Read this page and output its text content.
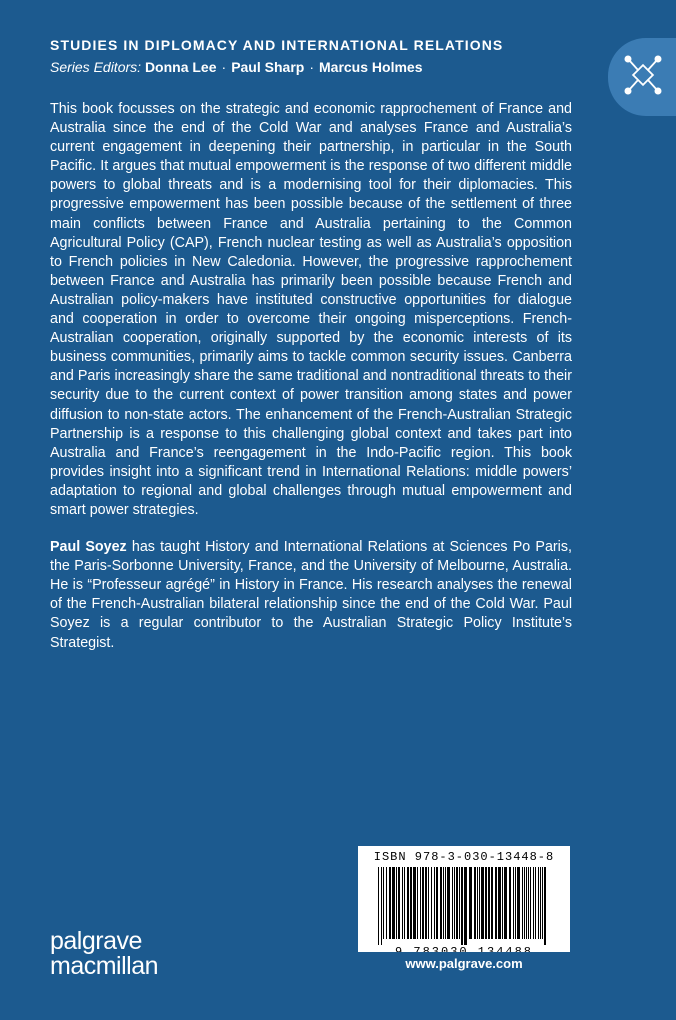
STUDIES IN DIPLOMACY AND INTERNATIONAL RELATIONS
Series Editors: Donna Lee · Paul Sharp · Marcus Holmes

This book focusses on the strategic and economic rapprochement of France and Australia since the end of the Cold War and analyses France and Australia’s current engagement in deepening their partnership, in particular in the South Pacific. It argues that mutual empowerment is the response of two different middle powers to global threats and is a modernising tool for their diplomacies. This progressive empowerment has been possible because of the settlement of three main conflicts between France and Australia pertaining to the Common Agricultural Policy (CAP), French nuclear testing as well as Australia’s opposition to French policies in New Caledonia. However, the progressive rapprochement between France and Australia has primarily been possible because French and Australian policy-makers have instituted constructive opportunities for dialogue and cooperation in order to overcome their ongoing misperceptions. French-Australian cooperation, originally supported by the economic interests of its business communities, primarily aims to tackle common security issues. Canberra and Paris increasingly share the same traditional and nontraditional threats to their security due to the current context of power transition among states and power diffusion to non-state actors. The enhancement of the French-Australian Strategic Partnership is a response to this challenging global context and takes part into Australia and France’s reengagement in the Indo-Pacific region. This book provides insight into a significant trend in International Relations: middle powers’ adaptation to regional and global challenges through mutual empowerment and smart power strategies.

Paul Soyez has taught History and International Relations at Sciences Po Paris, the Paris-Sorbonne University, France, and the University of Melbourne, Australia. He is “Professeur agrégé” in History in France. His research analyses the renewal of the French-Australian bilateral relationship since the end of the Cold War. Paul Soyez is a regular contributor to the Australian Strategic Policy Institute’s Strategist.

ISBN 978-3-030-13448-8
www.palgrave.com
palgrave
macmillan
